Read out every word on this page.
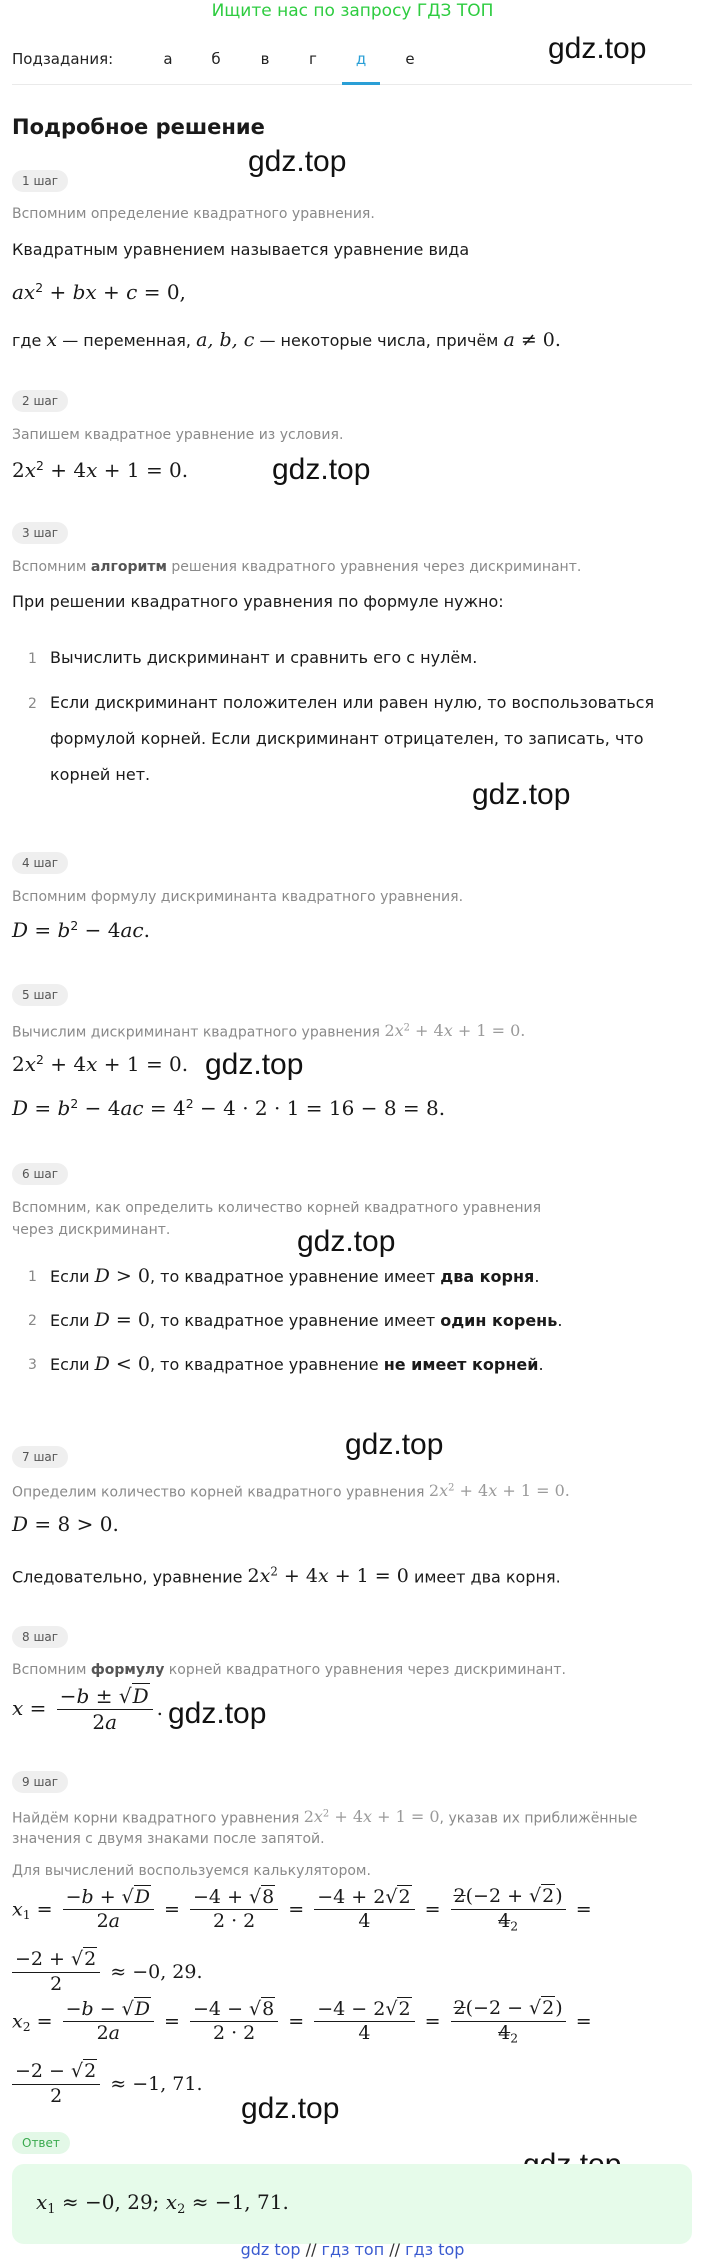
Ищите нас по запросу ГДЗ ТОП
Подзадания:	а	б	в	г	д	е	gdz.top
gdz.top
gdz.top
gdz.top
gdz.top
gdz.top
gdz.top
gdz.top
gdz.top
Подробное решение
1 шаг
Вспомним определение квадратного уравнения.
Квадратным уравнением называется уравнение вида
$ax^2$ + bx + c = 0,
где x — переменная, a, b, c — некоторые числа, причём a ≠ 0.
2 шаг
Запишем квадратное уравнение из условия.
$2x^2 + 4x + 1 = 0$.
3 шаг
Вспомним алгоритм решения квадратного уравнения через дискриминант.
При решении квадратного уравнения по формуле нужно:
1 Вычислить дискриминант и сравнить его с нулём.
2 Если дискриминант положителен или равен нулю, то воспользоваться формулой корней. Если дискриминант отрицателен, то записать, что корней нет.
4 шаг
Вспомним формулу дискриминанта квадратного уравнения.
$D = b^2 - 4ac$.
5 шаг
Вычислим дискриминант квадратного уравнения $2x^2 + 4x + 1 = 0$.
$2x^2 + 4x + 1 = 0$.
$D = b^2 - 4ac = 4^2 - 4 \cdot 2 \cdot 1 = 16 - 8 = 8$.
6 шаг
Вспомним, как определить количество корней квадратного уравнения через дискриминант.
1 Если D > 0, то квадратное уравнение имеет два корня.
2 Если D = 0, то квадратное уравнение имеет один корень.
3 Если D < 0, то квадратное уравнение не имеет корней.
7 шаг
Определим количество корней квадратного уравнения $2x^2 + 4x + 1 = 0$.
D = 8 > 0.
Следовательно, уравнение $2x^2 + 4x + 1 = 0$ имеет два корня.
8 шаг
Вспомним формулу корней квадратного уравнения через дискриминант.
$x = \frac{-b \pm √D}{2a}$ .
9 шаг
Найдём корни квадратного уравнения $2x^2 + 4x + 1 = 0$, указав их приближённые
значения с двумя знаками после запятой.
Для вычислений воспользуемся калькулятором.
$x_1 = \frac{-b + √D}{2a} = \frac{-4 + √8}{2 \cdot 2} = \frac{-4 + 2√2}{4} = \frac{2(-2 + √2)}{4_2}$ =
$\frac{-2 + √2}{2} \approx -0$, 29.
$x_2 = \frac{-b - √D}{2a} = \frac{-4 - √8}{2 \cdot 2} = \frac{-4 - 2√2}{4} = \frac{2(-2 - √2)}{4_2}$ =
$\frac{-2 - √2}{2} \approx -1$, 71.
Ответ
$x_1 \approx -0$, 29; $x_2 \approx -1$, 71.
gdz top // гдз топ // гдз top
